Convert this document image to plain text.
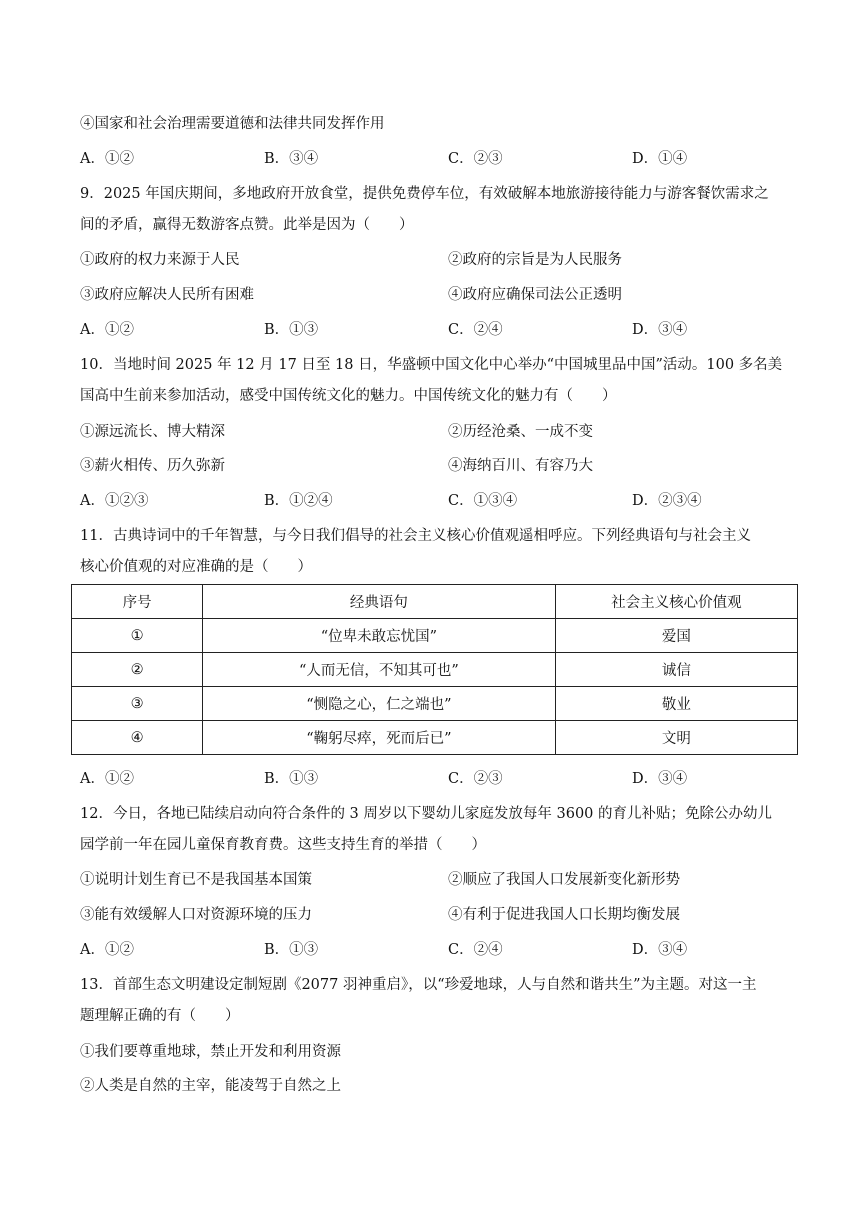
④国家和社会治理需要道德和法律共同发挥作用
A．①②	B．③④	C．②③	D．①④
9．2025 年国庆期间，多地政府开放食堂，提供免费停车位，有效破解本地旅游接待能力与游客餐饮需求之
间的矛盾，赢得无数游客点赞。此举是因为（　　）
①政府的权力来源于人民	②政府的宗旨是为人民服务
③政府应解决人民所有困难	④政府应确保司法公正透明
A．①②	B．①③	C．②④	D．③④
10．当地时间 2025 年 12 月 17 日至 18 日，华盛顿中国文化中心举办“中国城里品中国”活动。100 多名美
国高中生前来参加活动，感受中国传统文化的魅力。中国传统文化的魅力有（　　）
①源远流长、博大精深	②历经沧桑、一成不变
③薪火相传、历久弥新	④海纳百川、有容乃大
A．①②③	B．①②④	C．①③④	D．②③④
11．古典诗词中的千年智慧，与今日我们倡导的社会主义核心价值观遥相呼应。下列经典语句与社会主义
核心价值观的对应准确的是（　　）
序号	经典语句	社会主义核心价值观
①	“位卑未敢忘忧国”	爱国
②	“人而无信，不知其可也”	诚信
③	“恻隐之心，仁之端也”	敬业
④	“鞠躬尽瘁，死而后已”	文明
A．①②	B．①③	C．②③	D．③④
12．今日，各地已陆续启动向符合条件的 3 周岁以下婴幼儿家庭发放每年 3600 的育儿补贴；免除公办幼儿
园学前一年在园儿童保育教育费。这些支持生育的举措（　　）
①说明计划生育已不是我国基本国策	②顺应了我国人口发展新变化新形势
③能有效缓解人口对资源环境的压力	④有利于促进我国人口长期均衡发展
A．①②	B．①③	C．②④	D．③④
13．首部生态文明建设定制短剧《2077 羽神重启》，以“珍爱地球，人与自然和谐共生”为主题。对这一主
题理解正确的有（　　）
①我们要尊重地球，禁止开发和利用资源
②人类是自然的主宰，能凌驾于自然之上
